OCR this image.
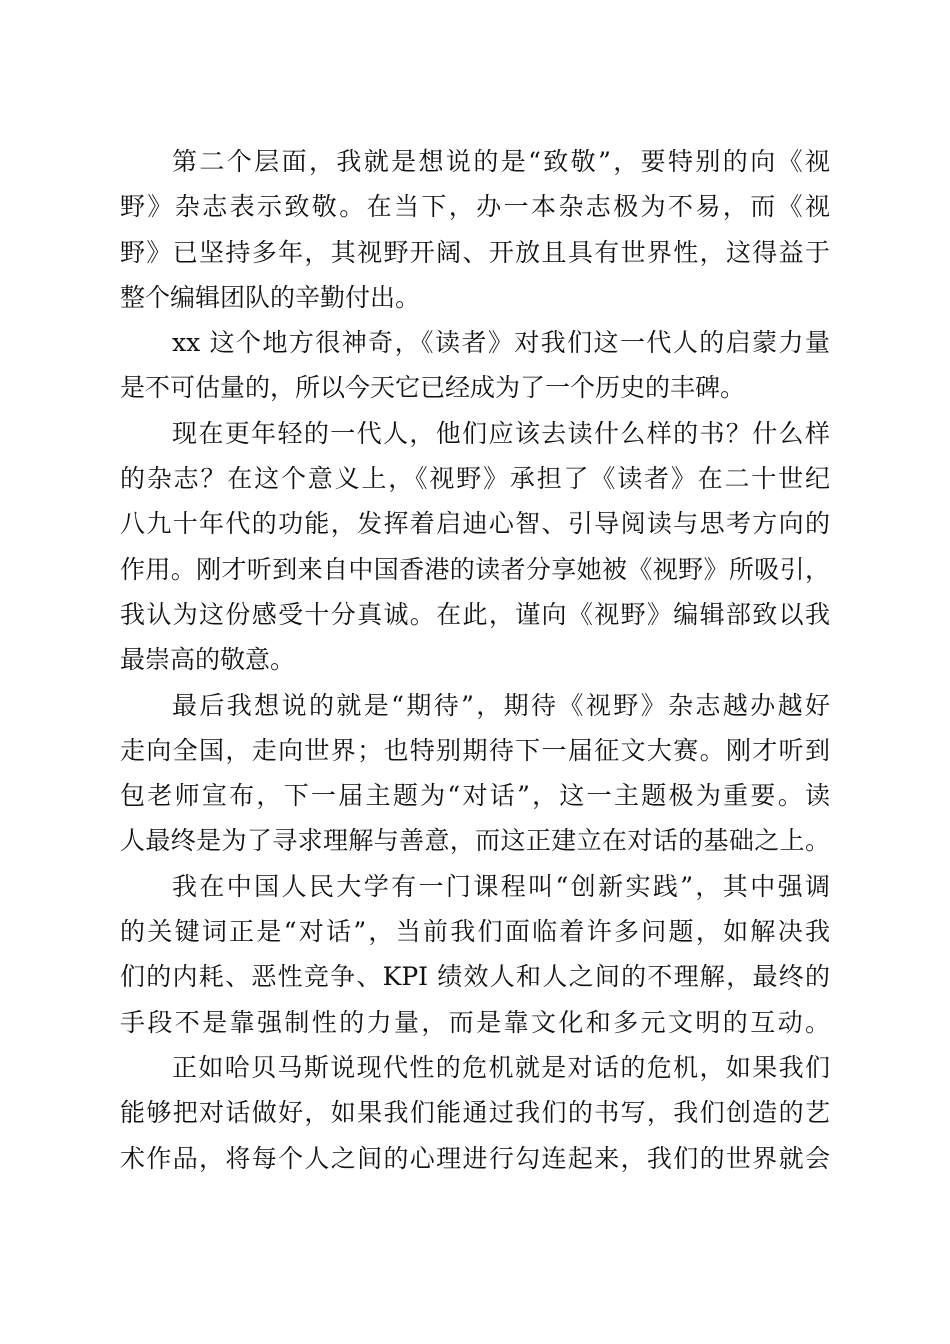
第二个层面，我就是想说的是“致敬”，要特别的向《视
野》杂志表示致敬。在当下，办一本杂志极为不易，而《视
野》已坚持多年，其视野开阔、开放且具有世界性，这得益于
整个编辑团队的辛勤付出。
xx 这个地方很神奇，《读者》对我们这一代人的启蒙力量
是不可估量的，所以今天它已经成为了一个历史的丰碑。
现在更年轻的一代人，他们应该去读什么样的书？什么样
的杂志？在这个意义上，《视野》承担了《读者》在二十世纪
八九十年代的功能，发挥着启迪心智、引导阅读与思考方向的
作用。刚才听到来自中国香港的读者分享她被《视野》所吸引，
我认为这份感受十分真诚。在此，谨向《视野》编辑部致以我
最崇高的敬意。
最后我想说的就是“期待”，期待《视野》杂志越办越好
走向全国，走向世界；也特别期待下一届征文大赛。刚才听到
包老师宣布，下一届主题为“对话”，这一主题极为重要。读
人最终是为了寻求理解与善意，而这正建立在对话的基础之上。
我在中国人民大学有一门课程叫“创新实践”，其中强调
的关键词正是“对话”，当前我们面临着许多问题，如解决我
们的内耗、恶性竞争、KPI 绩效人和人之间的不理解，最终的
手段不是靠强制性的力量，而是靠文化和多元文明的互动。
正如哈贝马斯说现代性的危机就是对话的危机，如果我们
能够把对话做好，如果我们能通过我们的书写，我们创造的艺
术作品，将每个人之间的心理进行勾连起来，我们的世界就会
